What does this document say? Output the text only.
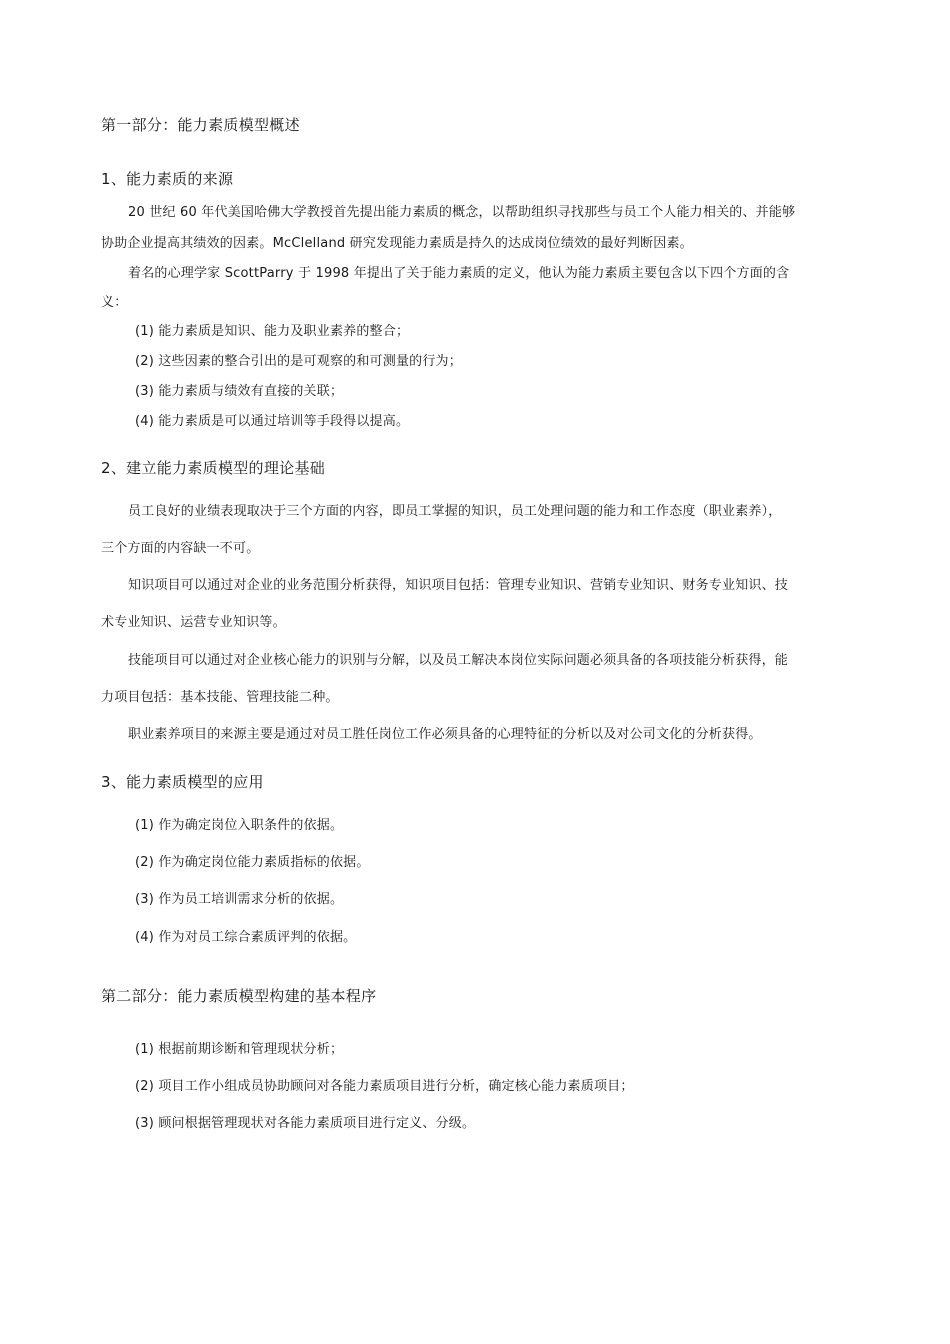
第一部分：能力素质模型概述

1、能力素质的来源

20 世纪 60 年代美国哈佛大学教授首先提出能力素质的概念，以帮助组织寻找那些与员工个人能力相关的、并能够

协助企业提高其绩效的因素。McClelland 研究发现能力素质是持久的达成岗位绩效的最好判断因素。

着名的心理学家 ScottParry 于 1998 年提出了关于能力素质的定义，他认为能力素质主要包含以下四个方面的含

义：

(1) 能力素质是知识、能力及职业素养的整合；

(2) 这些因素的整合引出的是可观察的和可测量的行为；

(3) 能力素质与绩效有直接的关联；

(4) 能力素质是可以通过培训等手段得以提高。

2、建立能力素质模型的理论基础

员工良好的业绩表现取决于三个方面的内容，即员工掌握的知识，员工处理问题的能力和工作态度（职业素养），

三个方面的内容缺一不可。

知识项目可以通过对企业的业务范围分析获得，知识项目包括：管理专业知识、营销专业知识、财务专业知识、技

术专业知识、运营专业知识等。

技能项目可以通过对企业核心能力的识别与分解，以及员工解决本岗位实际问题必须具备的各项技能分析获得，能

力项目包括：基本技能、管理技能二种。

职业素养项目的来源主要是通过对员工胜任岗位工作必须具备的心理特征的分析以及对公司文化的分析获得。

3、能力素质模型的应用

(1) 作为确定岗位入职条件的依据。

(2) 作为确定岗位能力素质指标的依据。

(3) 作为员工培训需求分析的依据。

(4) 作为对员工综合素质评判的依据。

第二部分：能力素质模型构建的基本程序

(1) 根据前期诊断和管理现状分析；

(2) 项目工作小组成员协助顾问对各能力素质项目进行分析，确定核心能力素质项目；

(3) 顾问根据管理现状对各能力素质项目进行定义、分级。
